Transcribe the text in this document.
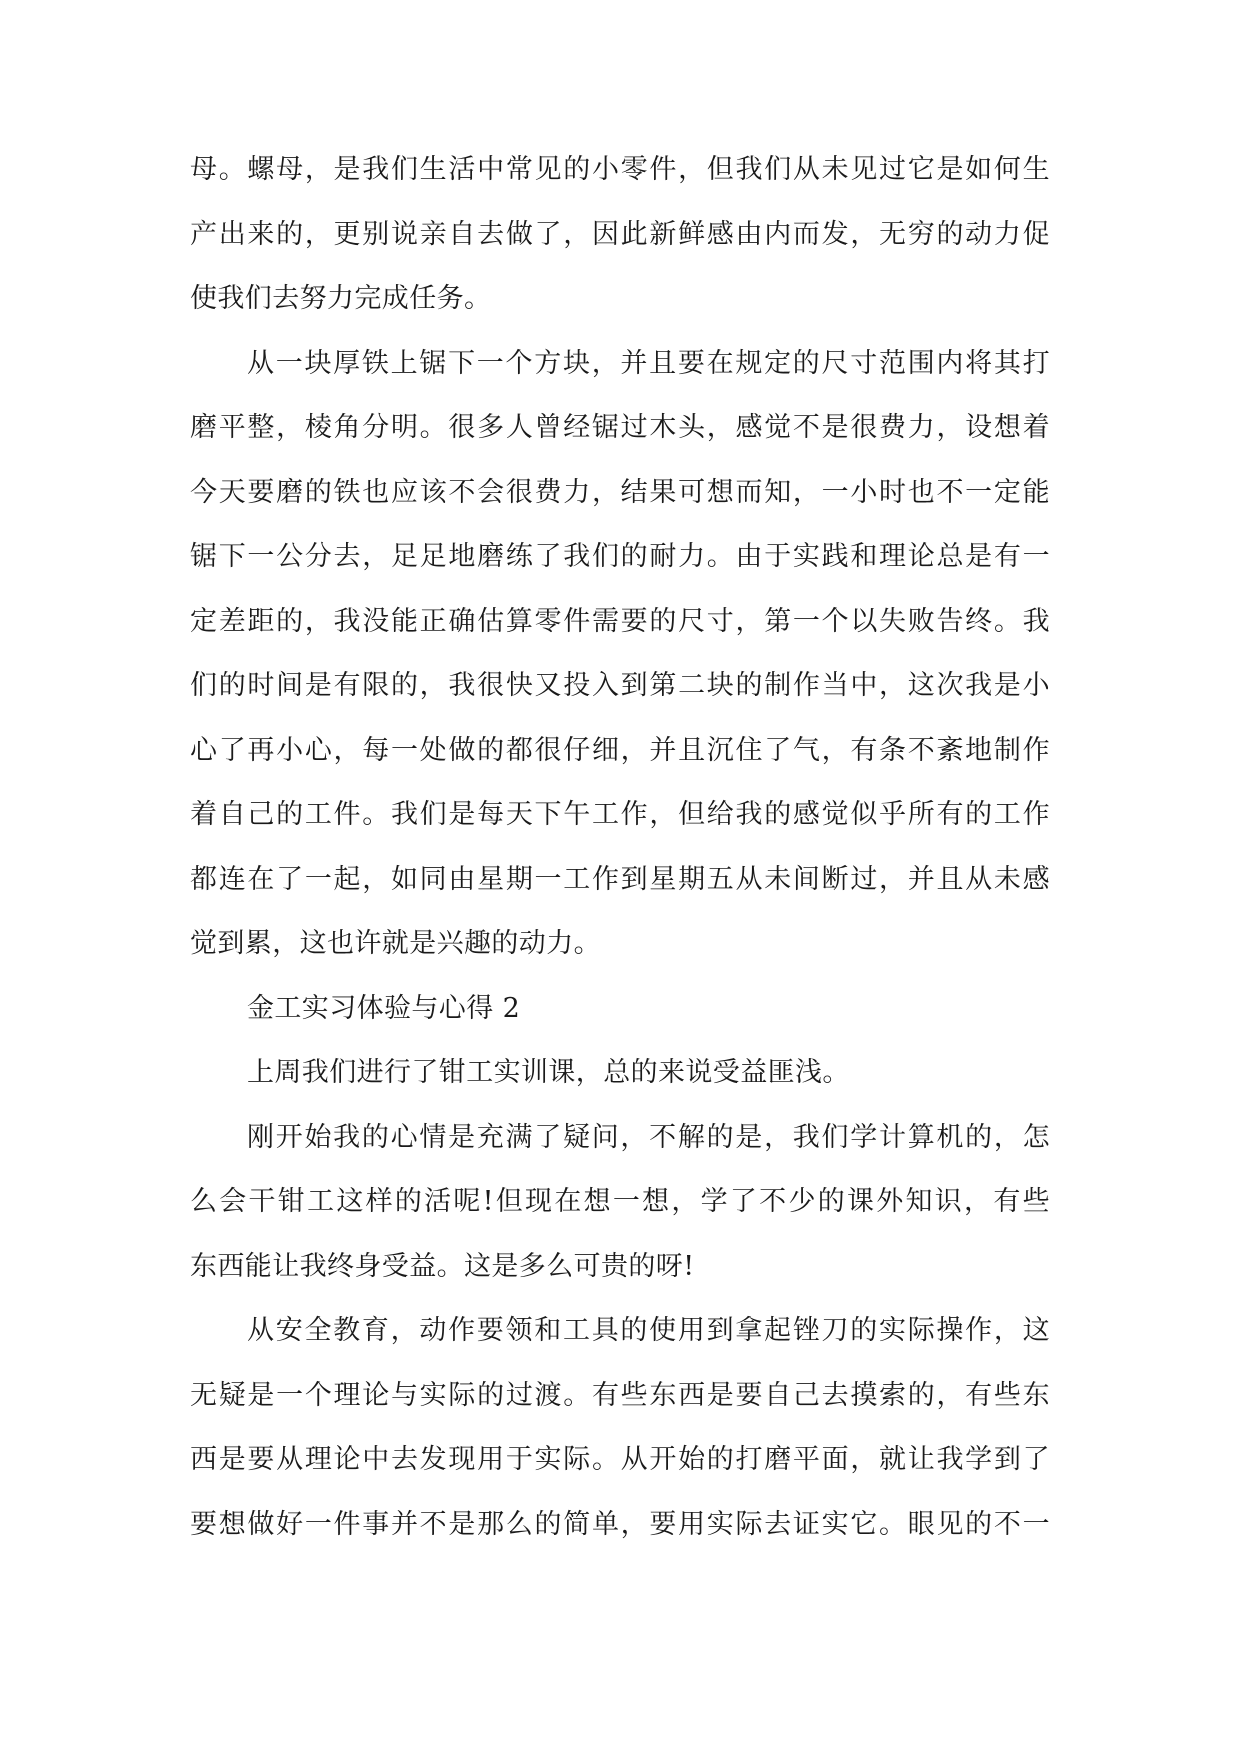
母。螺母，是我们生活中常见的小零件，但我们从未见过它是如何生
产出来的，更别说亲自去做了，因此新鲜感由内而发，无穷的动力促
使我们去努力完成任务。
从一块厚铁上锯下一个方块，并且要在规定的尺寸范围内将其打
磨平整，棱角分明。很多人曾经锯过木头，感觉不是很费力，设想着
今天要磨的铁也应该不会很费力，结果可想而知，一小时也不一定能
锯下一公分去，足足地磨练了我们的耐力。由于实践和理论总是有一
定差距的，我没能正确估算零件需要的尺寸，第一个以失败告终。我
们的时间是有限的，我很快又投入到第二块的制作当中，这次我是小
心了再小心，每一处做的都很仔细，并且沉住了气，有条不紊地制作
着自己的工件。我们是每天下午工作，但给我的感觉似乎所有的工作
都连在了一起，如同由星期一工作到星期五从未间断过，并且从未感
觉到累，这也许就是兴趣的动力。
金工实习体验与心得 2
上周我们进行了钳工实训课，总的来说受益匪浅。
刚开始我的心情是充满了疑问，不解的是，我们学计算机的，怎
么会干钳工这样的活呢!但现在想一想，学了不少的课外知识，有些
东西能让我终身受益。这是多么可贵的呀!
从安全教育，动作要领和工具的使用到拿起锉刀的实际操作，这
无疑是一个理论与实际的过渡。有些东西是要自己去摸索的，有些东
西是要从理论中去发现用于实际。从开始的打磨平面，就让我学到了
要想做好一件事并不是那么的简单，要用实际去证实它。眼见的不一
